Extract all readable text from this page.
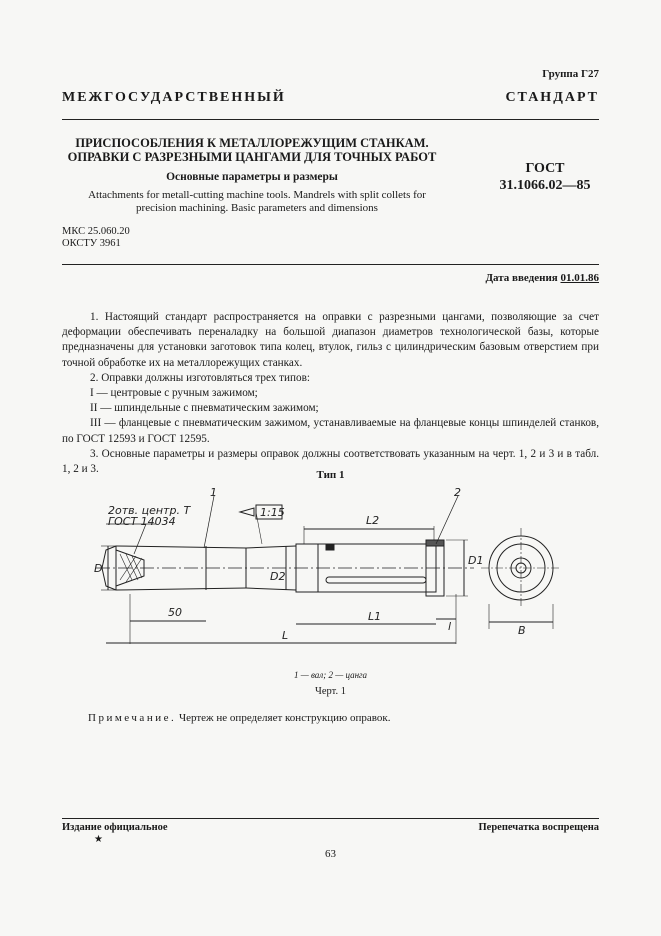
Группа Г27
МЕЖГОСУДАРСТВЕННЫЙ СТАНДАРТ
ПРИСПОСОБЛЕНИЯ К МЕТАЛЛОРЕЖУЩИМ СТАНКАМ.
ОПРАВКИ С РАЗРЕЗНЫМИ ЦАНГАМИ ДЛЯ ТОЧНЫХ РАБОТ
Основные параметры и размеры
Attachments for metall-cutting machine tools. Mandrels with split collets for
precision machining. Basic parameters and dimensions
ГОСТ
31.1066.02—85
МКС 25.060.20
ОКСТУ 3961
Дата введения 01.01.86

1. Настоящий стандарт распространяется на оправки с разрезными цангами, позволяющие за счет деформации обеспечивать переналадку на большой диапазон диаметров технологической базы, которые предназначены для установки заготовок типа колец, втулок, гильз с цилиндрическим базовым отверстием при точной обработке их на металлорежущих станках.

2. Оправки должны изготовляться трех типов:

I — центровые с ручным зажимом;

II — шпиндельные с пневматическим зажимом;

III — фланцевые с пневматическим зажимом, устанавливаемые на фланцевые концы шпинделей станков, по ГОСТ 12593 и ГОСТ 12595.

3. Основные параметры и размеры оправок должны соответствовать указанным на черт. 1, 2 и 3 и в табл. 1, 2 и 3.	Тип 1
2отв. центр. Т
ГОСТ 14034
1	2
1:15
L2
D
D2
D1
50	L1
l
L	B
1 — вал; 2 — цанга
Черт. 1
Примечание. Чертеж не определяет конструкцию оправок.
Издание официальное
★
Перепечатка воспрещена
63
